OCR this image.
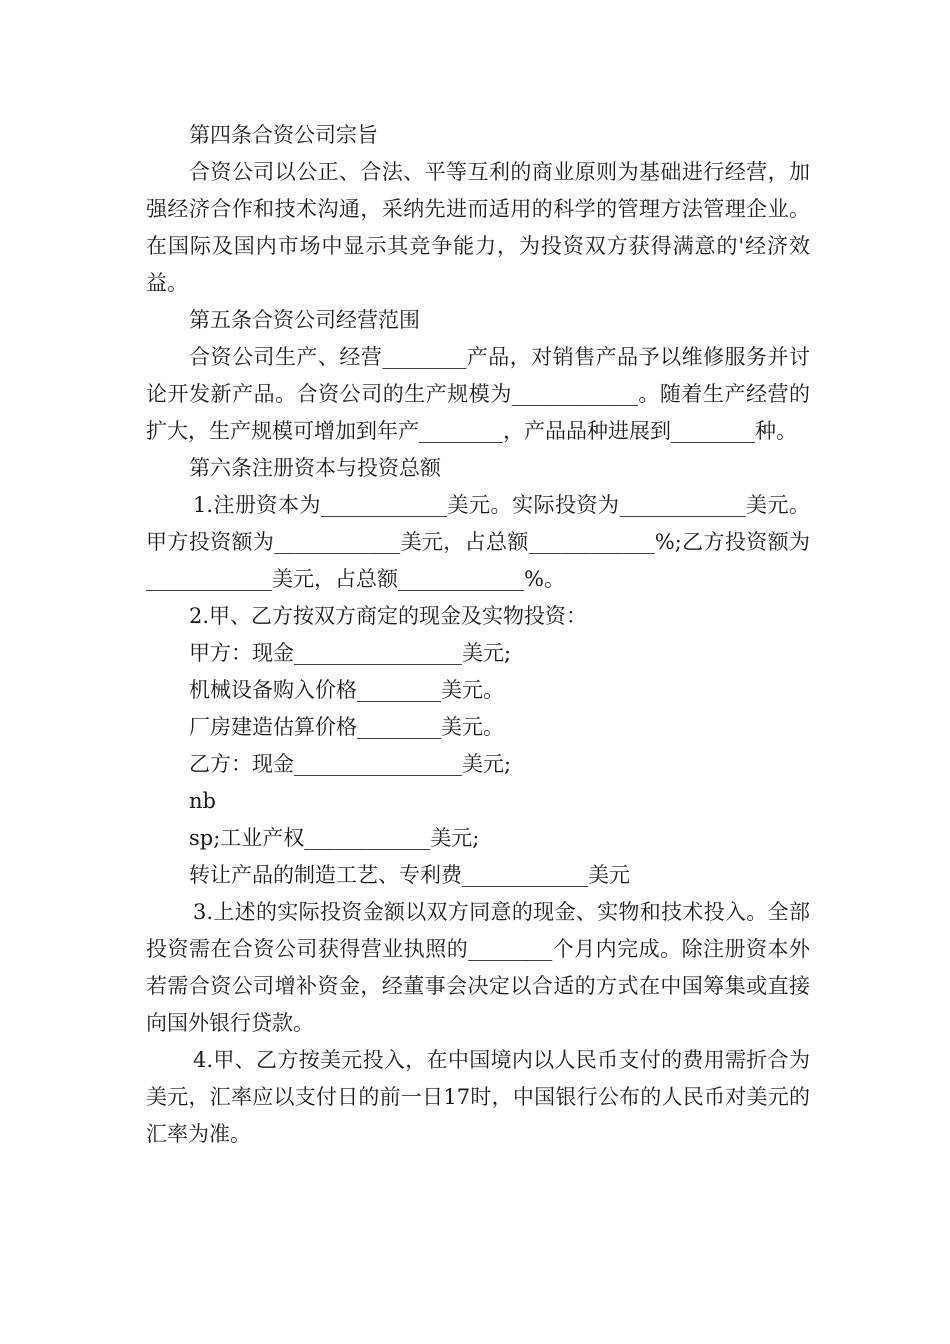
第四条合资公司宗旨

合资公司以公正、合法、平等互利的商业原则为基础进行经营，加强经济合作和技术沟通，采纳先进而适用的科学的管理方法管理企业。在国际及国内市场中显示其竞争能力，为投资双方获得满意的'经济效益。

第五条合资公司经营范围

合资公司生产、经营________产品，对销售产品予以维修服务并讨论开发新产品。合资公司的生产规模为____________。随着生产经营的扩大，生产规模可增加到年产________，产品品种进展到________种。

第六条注册资本与投资总额

1.注册资本为____________美元。实际投资为____________美元。甲方投资额为____________美元，占总额____________%;乙方投资额为____________美元，占总额____________%。

2.甲、乙方按双方商定的现金及实物投资：

甲方：现金________________美元;

机械设备购入价格________美元。

厂房建造估算价格________美元。

乙方：现金________________美元;

nb

sp;工业产权____________美元;

转让产品的制造工艺、专利费____________美元

3.上述的实际投资金额以双方同意的现金、实物和技术投入。全部投资需在合资公司获得营业执照的________个月内完成。除注册资本外若需合资公司增补资金，经董事会决定以合适的方式在中国筹集或直接向国外银行贷款。

4.甲、乙方按美元投入，在中国境内以人民币支付的费用需折合为美元，汇率应以支付日的前一日17时，中国银行公布的人民币对美元的汇率为准。
